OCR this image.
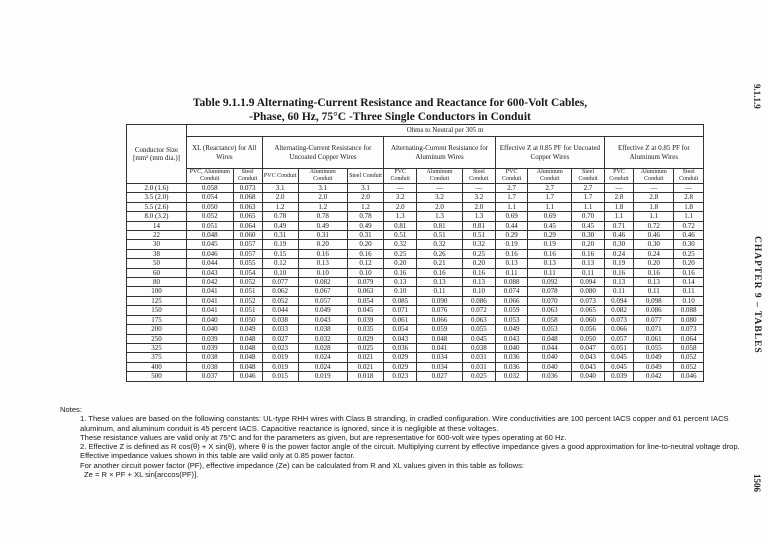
Table 9.1.1.9 Alternating-Current Resistance and Reactance for 600-Volt Cables,
-Phase, 60 Hz, 75°C -Three Single Conductors in Conduit
Conductor Size [mm² (mm dia.)]	Ohms to Neutral per 305 m													
	XL (Reactance) for All Wires		Alternating-Current Resistance for Uncoated Copper Wires			Alternating-Current Resistance for Aluminum Wires			Effective Z at 0.85 PF for Uncoated Copper Wires			Effective Z at 0.85 PF for Aluminum Wires		
	PVC, Aluminum Conduit	Steel Conduit	PVC Conduit	Aluminum Conduit	Steel Conduit	PVC Conduit	Aluminum Conduit	Steel Conduit	PVC Conduit	Aluminum Conduit	Steel Conduit	PVC Conduit	Aluminum Conduit	Steel Conduit
2.0 (1.6)	0.058	0.073	3.1	3.1	3.1	—	—	—	2.7	2.7	2.7	—	—	—
3.5 (2.0)	0.054	0.068	2.0	2.0	2.0	3.2	3.2	3.2	1.7	1.7	1.7	2.8	2.8	2.8
5.5 (2.6)	0.050	0.063	1.2	1.2	1.2	2.0	2.0	2.0	1.1	1.1	1.1	1.8	1.8	1.8
8.0 (3.2)	0.052	0.065	0.78	0.78	0.78	1.3	1.3	1.3	0.69	0.69	0.70	1.1	1.1	1.1
14	0.051	0.064	0.49	0.49	0.49	0.81	0.81	0.81	0.44	0.45	0.45	0.71	0.72	0.72
22	0.048	0.060	0.31	0.31	0.31	0.51	0.51	0.51	0.29	0.29	0.30	0.46	0.46	0.46
30	0.045	0.057	0.19	0.20	0.20	0.32	0.32	0.32	0.19	0.19	0.20	0.30	0.30	0.30
38	0.046	0.057	0.15	0.16	0.16	0.25	0.26	0.25	0.16	0.16	0.16	0.24	0.24	0.25
50	0.044	0.055	0.12	0.13	0.12	0.20	0.21	0.20	0.13	0.13	0.13	0.19	0.20	0.20
60	0.043	0.054	0.10	0.10	0.10	0.16	0.16	0.16	0.11	0.11	0.11	0.16	0.16	0.16
80	0.042	0.052	0.077	0.082	0.079	0.13	0.13	0.13	0.088	0.092	0.094	0.13	0.13	0.14
100	0.041	0.051	0.062	0.067	0.063	0.10	0.11	0.10	0.074	0.078	0.080	0.11	0.11	0.11
125	0.041	0.052	0.052	0.057	0.054	0.085	0.090	0.086	0.066	0.070	0.073	0.094	0.098	0.10
150	0.041	0.051	0.044	0.049	0.045	0.071	0.076	0.072	0.059	0.063	0.065	0.082	0.086	0.088
175	0.040	0.050	0.038	0.043	0.039	0.061	0.066	0.063	0.053	0.058	0.060	0.073	0.077	0.080
200	0.040	0.049	0.033	0.038	0.035	0.054	0.059	0.055	0.049	0.053	0.056	0.066	0.071	0.073
250	0.039	0.048	0.027	0.032	0.029	0.043	0.048	0.045	0.043	0.048	0.050	0.057	0.061	0.064
325	0.039	0.048	0.023	0.028	0.025	0.036	0.041	0.038	0.040	0.044	0.047	0.051	0.055	0.058
375	0.038	0.048	0.019	0.024	0.021	0.029	0.034	0.031	0.036	0.040	0.043	0.045	0.049	0.052
400	0.038	0.048	0.019	0.024	0.021	0.029	0.034	0.031	0.036	0.040	0.043	0.045	0.049	0.052
500	0.037	0.046	0.015	0.019	0.018	0.023	0.027	0.025	0.032	0.036	0.040	0.039	0.042	0.046

Notes:

1. These values are based on the following constants: UL-type RHH wires with Class B stranding, in cradled configuration. Wire conductivities are 100 percent IACS copper and 61 percent IACS aluminum, and aluminum conduit is 45 percent IACS. Capacitive reactance is ignored, since it is negligible at these voltages.

These resistance values are valid only at 75°C and for the parameters as given, but are representative for 600-volt wire types operating at 60 Hz.

2. Effective Z is defined as R cos(θ) + X sin(θ), where θ is the power factor angle of the circuit. Multiplying current by effective impedance gives a good approximation for line-to-neutral voltage drop. Effective impedance values shown in this table are valid only at 0.85 power factor.

For another circuit power factor (PF), effective impedance (Ze) can be calculated from R and XL values given in this table as follows:

Ze = R × PF + XL sin[arccos(PF)].

9.1.1.9
CHAPTER 9 – TABLES
1506
